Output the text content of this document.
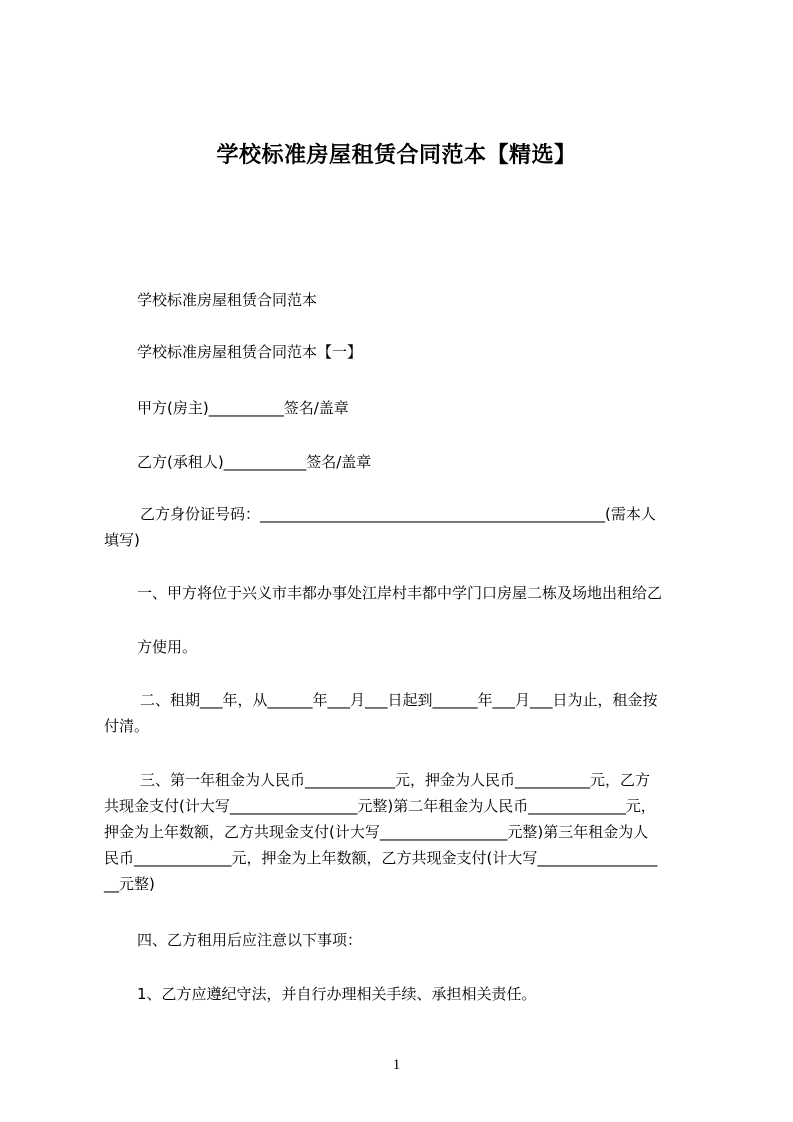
学校标准房屋租赁合同范本【精选】
学校标准房屋租赁合同范本
学校标准房屋租赁合同范本【一】
甲方(房主)__________签名/盖章
乙方(承租人)___________签名/盖章
乙方身份证号码：______________________________________________(需本人
填写)
一、甲方将位于兴义市丰都办事处江岸村丰都中学门口房屋二栋及场地出租给乙
方使用。
二、租期___年，从______年___月___日起到______年___月___日为止，租金按
付清。
三、第一年租金为人民币____________元，押金为人民币__________元，乙方
共现金支付(计大写_________________元整)第二年租金为人民币_____________元，
押金为上年数额，乙方共现金支付(计大写_________________元整)第三年租金为人
民币_____________元，押金为上年数额，乙方共现金支付(计大写________________
__元整)
四、乙方租用后应注意以下事项：
1、乙方应遵纪守法，并自行办理相关手续、承担相关责任。
1
